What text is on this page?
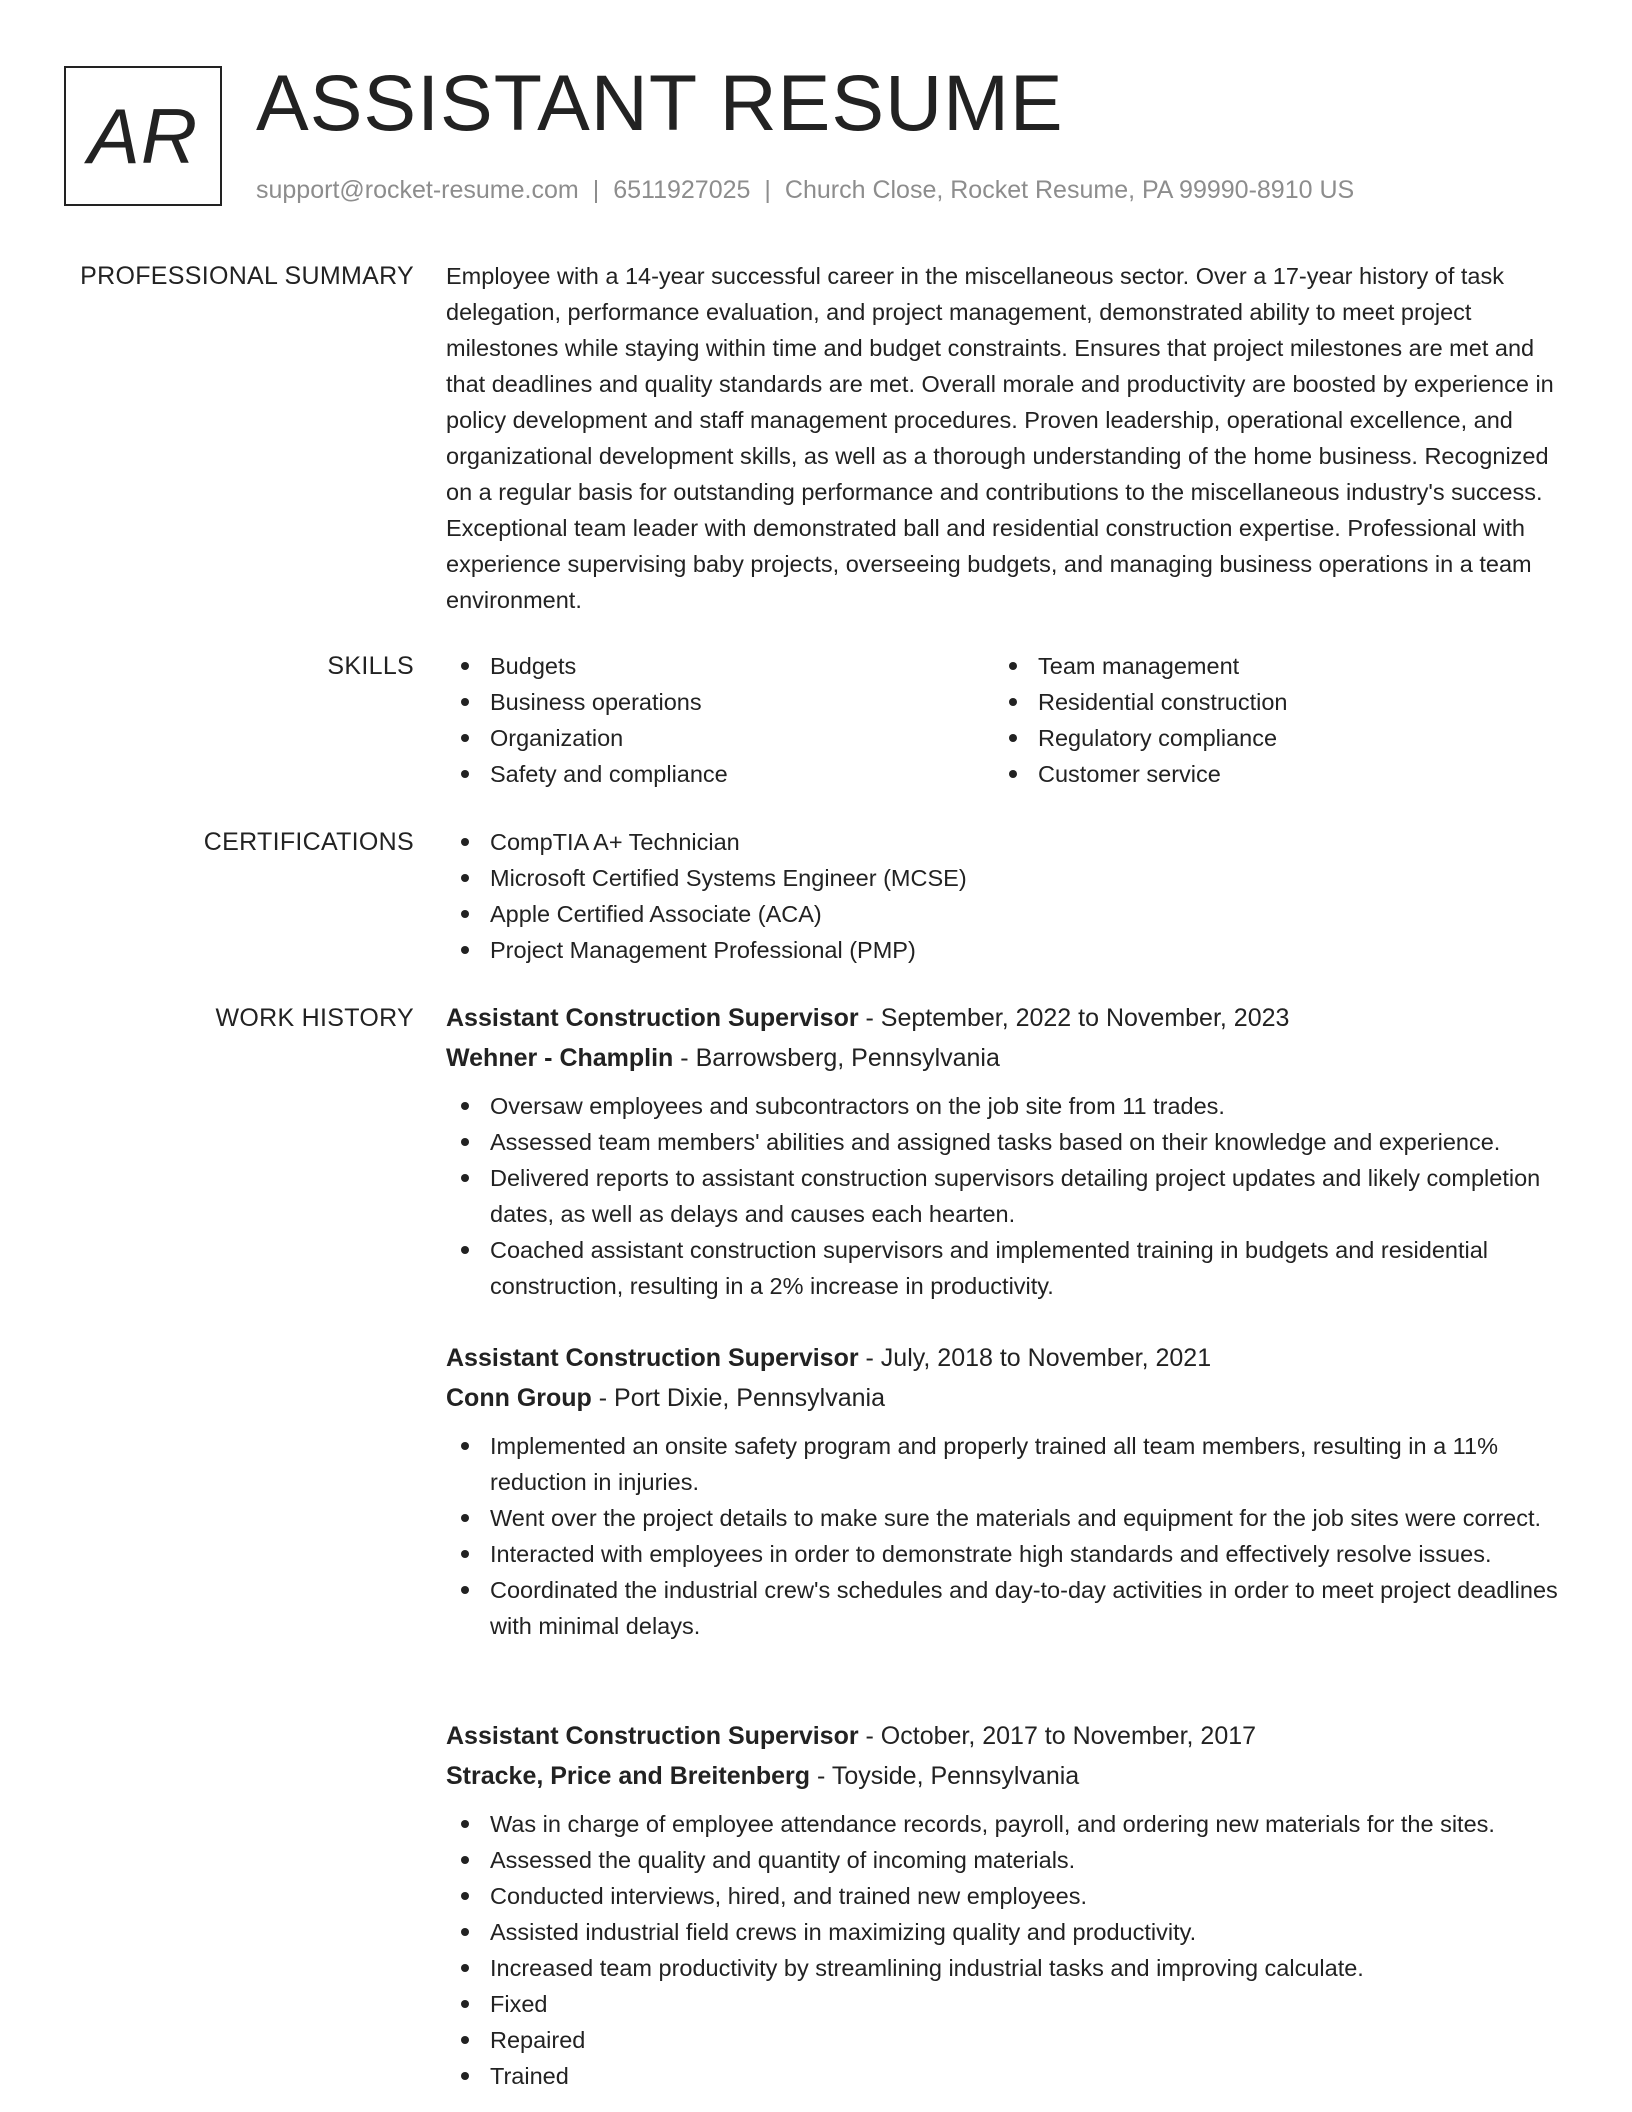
AR ASSISTANT RESUME
support@rocket-resume.com | 6511927025 | Church Close, Rocket Resume, PA 99990-8910 US
PROFESSIONAL SUMMARY Employee with a 14-year successful career in the miscellaneous sector. Over a 17-year history of task delegation, performance evaluation, and project management, demonstrated ability to meet project milestones while staying within time and budget constraints. Ensures that project milestones are met and that deadlines and quality standards are met. Overall morale and productivity are boosted by experience in policy development and staff management procedures. Proven leadership, operational excellence, and organizational development skills, as well as a thorough understanding of the home business. Recognized on a regular basis for outstanding performance and contributions to the miscellaneous industry's success. Exceptional team leader with demonstrated ball and residential construction expertise. Professional with experience supervising baby projects, overseeing budgets, and managing business operations in a team environment.

SKILLS	Budgets
Business operations
Organization
Safety and compliance
Team management
Residential construction
Regulatory compliance
Customer service
CERTIFICATIONS	CompTIA A+ Technician
Microsoft Certified Systems Engineer (MCSE)
Apple Certified Associate (ACA)
Project Management Professional (PMP)
WORK HISTORY Assistant Construction Supervisor - September, 2022 to November, 2023
Wehner - Champlin - Barrowsberg, Pennsylvania
Oversaw employees and subcontractors on the job site from 11 trades.
Assessed team members' abilities and assigned tasks based on their knowledge and experience.
Delivered reports to assistant construction supervisors detailing project updates and likely completion dates, as well as delays and causes each hearten.
Coached assistant construction supervisors and implemented training in budgets and residential construction, resulting in a 2% increase in productivity.
Assistant Construction Supervisor - July, 2018 to November, 2021
Conn Group - Port Dixie, Pennsylvania
Implemented an onsite safety program and properly trained all team members, resulting in a 11% reduction in injuries.
Went over the project details to make sure the materials and equipment for the job sites were correct.
Interacted with employees in order to demonstrate high standards and effectively resolve issues.
Coordinated the industrial crew's schedules and day-to-day activities in order to meet project deadlines with minimal delays.
Assistant Construction Supervisor - October, 2017 to November, 2017
Stracke, Price and Breitenberg - Toyside, Pennsylvania
Was in charge of employee attendance records, payroll, and ordering new materials for the sites.
Assessed the quality and quantity of incoming materials.
Conducted interviews, hired, and trained new employees.
Assisted industrial field crews in maximizing quality and productivity.
Increased team productivity by streamlining industrial tasks and improving calculate.
Fixed
Repaired
Trained
